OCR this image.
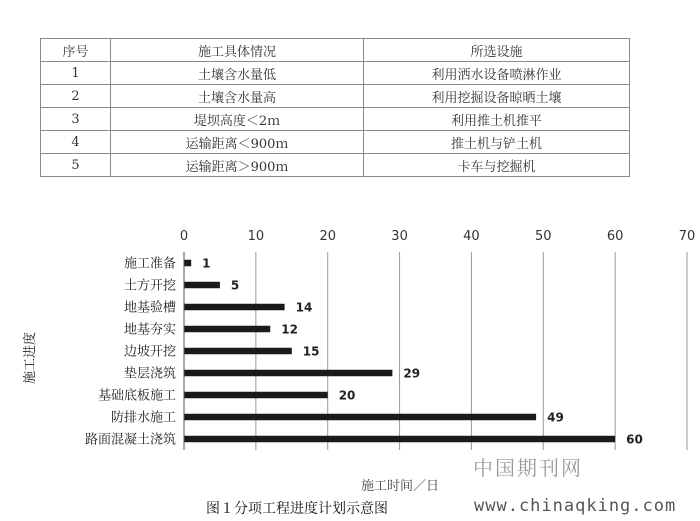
序号	施工具体情况	所选设施
1	土壤含水量低	利用洒水设备喷淋作业
2	土壤含水量高	利用挖掘设备晾晒土壤
3	堤坝高度＜2ｍ	利用推土机推平
4	运输距离＜900ｍ	推土机与铲土机
5	运输距离＞900ｍ	卡车与挖掘机
0	10	20	30	40	50	60	70
施工准备
土方开挖
地基验槽
地基夯实
边坡开挖
垫层浇筑
基础底板施工
防排水施工
路面混凝土浇筑
1
5
14
12
15
29
20
49
60
施工进度
施工时间／日
中国期刊网
图１分项工程进度计划示意图	www.chinaqking.com
